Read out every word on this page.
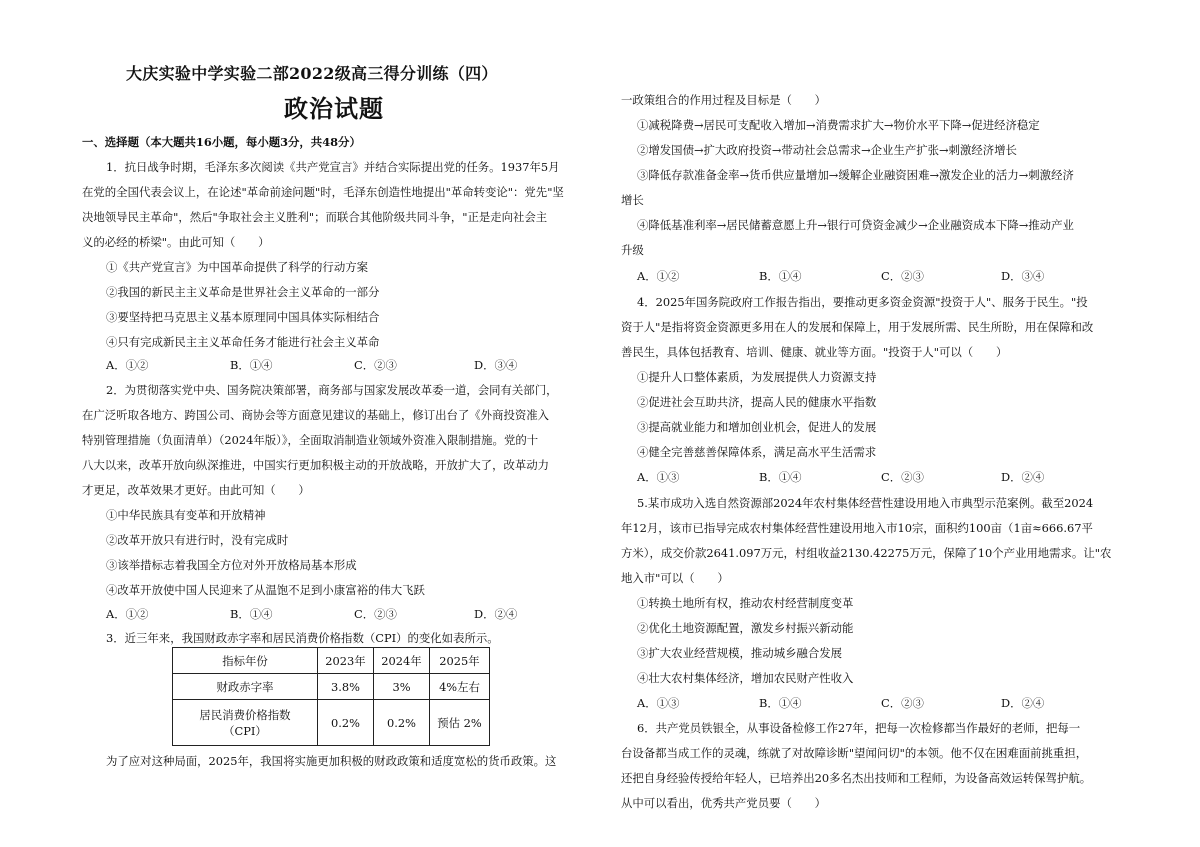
大庆实验中学实验二部2022级高三得分训练（四）
政治试题
一、选择题（本大题共16小题，每小题3分，共48分）
1．抗日战争时期，毛泽东多次阅读《共产党宣言》并结合实际提出党的任务。1937年5月
在党的全国代表会议上，在论述"革命前途问题"时，毛泽东创造性地提出"革命转变论"：党先"坚
决地领导民主革命"，然后"争取社会主义胜利"；而联合其他阶级共同斗争，"正是走向社会主
义的必经的桥梁"。由此可知（　　）
①《共产党宣言》为中国革命提供了科学的行动方案
②我国的新民主主义革命是世界社会主义革命的一部分
③要坚持把马克思主义基本原理同中国具体实际相结合
④只有完成新民主主义革命任务才能进行社会主义革命
A．①②	B．①④	C．②③	D．③④
2．为贯彻落实党中央、国务院决策部署，商务部与国家发展改革委一道，会同有关部门，
在广泛听取各地方、跨国公司、商协会等方面意见建议的基础上，修订出台了《外商投资准入
特别管理措施（负面清单）（2024年版）》，全面取消制造业领域外资准入限制措施。党的十
八大以来，改革开放向纵深推进，中国实行更加积极主动的开放战略，开放扩大了，改革动力
才更足，改革效果才更好。由此可知（　　）
①中华民族具有变革和开放精神
②改革开放只有进行时，没有完成时
③该举措标志着我国全方位对外开放格局基本形成
④改革开放使中国人民迎来了从温饱不足到小康富裕的伟大飞跃
A．①②	B．①④	C．②③	D．②④
3．近三年来，我国财政赤字率和居民消费价格指数（CPI）的变化如表所示。
指标年份	2023年	2024年	2025年
财政赤字率	3.8%	3%	4%左右

居民消费价格指数
（CPI）	0.2%	0.2%	预估 2%
为了应对这种局面，2025年，我国将实施更加积极的财政政策和适度宽松的货币政策。这
一政策组合的作用过程及目标是（　　）
①减税降费→居民可支配收入增加→消费需求扩大→物价水平下降→促进经济稳定
②增发国债→扩大政府投资→带动社会总需求→企业生产扩张→刺激经济增长
③降低存款准备金率→货币供应量增加→缓解企业融资困难→激发企业的活力→刺激经济
增长
④降低基准利率→居民储蓄意愿上升→银行可贷资金减少→企业融资成本下降→推动产业
升级
A．①②	B．①④	C．②③	D．③④
4．2025年国务院政府工作报告指出，要推动更多资金资源"投资于人"、服务于民生。"投
资于人"是指将资金资源更多用在人的发展和保障上，用于发展所需、民生所盼，用在保障和改
善民生，具体包括教育、培训、健康、就业等方面。"投资于人"可以（　　）
①提升人口整体素质，为发展提供人力资源支持
②促进社会互助共济，提高人民的健康水平指数
③提高就业能力和增加创业机会，促进人的发展
④健全完善慈善保障体系，满足高水平生活需求
A．①③	B．①④	C．②③	D．②④
5.某市成功入选自然资源部2024年农村集体经营性建设用地入市典型示范案例。截至2024
年12月，该市已指导完成农村集体经营性建设用地入市10宗，面积约100亩（1亩≈666.67平
方米），成交价款2641.097万元，村组收益2130.42275万元，保障了10个产业用地需求。让"农
地入市"可以（　　）
①转换土地所有权，推动农村经营制度变革
②优化土地资源配置，激发乡村振兴新动能
③扩大农业经营规模，推动城乡融合发展
④壮大农村集体经济，增加农民财产性收入
A．①③	B．①④	C．②③	D．②④
6．共产党员铁银全，从事设备检修工作27年，把每一次检修都当作最好的老师，把每一
台设备都当成工作的灵魂，练就了对故障诊断"望闻问切"的本领。他不仅在困难面前挑重担，
还把自身经验传授给年轻人，已培养出20多名杰出技师和工程师，为设备高效运转保驾护航。
从中可以看出，优秀共产党员要（　　）
